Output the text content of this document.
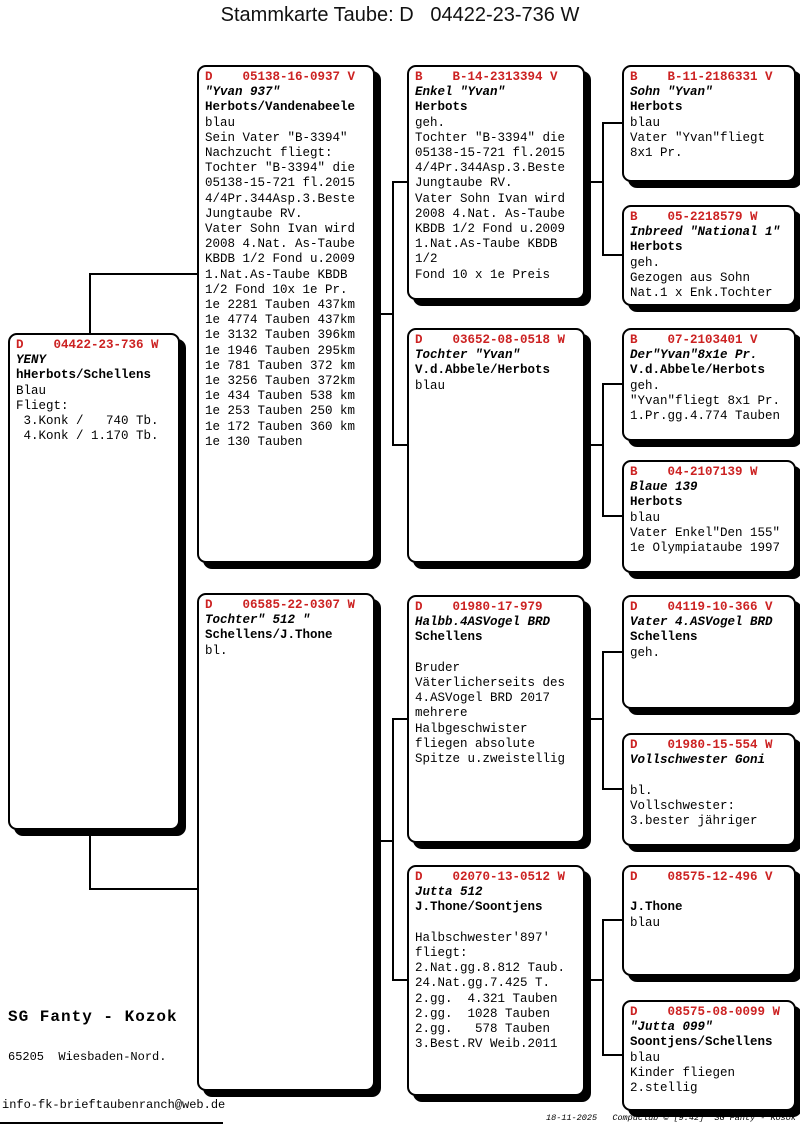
Stammkarte Taube: D   04422-23-736 W
D    04422-23-736 W
YENY
hHerbots/Schellens
Blau
Fliegt:
3.Konk /   740 Tb.
4.Konk / 1.170 Tb.
D    05138-16-0937 V
"Yvan 937"
Herbots/Vandenabeele
blau
Sein Vater "B-3394"
Nachzucht fliegt:
Tochter "B-3394" die
05138-15-721 fl.2015
4/4Pr.344Asp.3.Beste
Jungtaube RV.
Vater Sohn Ivan wird
2008 4.Nat. As-Taube
KBDB 1/2 Fond u.2009
1.Nat.As-Taube KBDB
1/2 Fond 10x 1e Pr.
1e 2281 Tauben 437km
1e 4774 Tauben 437km
1e 3132 Tauben 396km
1e 1946 Tauben 295km
1e 781 Tauben 372 km
1e 3256 Tauben 372km
1e 434 Tauben 538 km
1e 253 Tauben 250 km
1e 172 Tauben 360 km
1e 130 Tauben
D    06585-22-0307 W
Tochter" 512 "
Schellens/J.Thone
bl.
B    B-14-2313394 V
Enkel "Yvan"
Herbots
geh.
Tochter "B-3394" die
05138-15-721 fl.2015
4/4Pr.344Asp.3.Beste
Jungtaube RV.
Vater Sohn Ivan wird
2008 4.Nat. As-Taube
KBDB 1/2 Fond u.2009
1.Nat.As-Taube KBDB
1/2
Fond 10 x 1e Preis
D    03652-08-0518 W
Tochter "Yvan"
V.d.Abbele/Herbots
blau
D    01980-17-979
Halbb.4ASVogel BRD
Schellens

Bruder
Väterlicherseits des
4.ASVogel BRD 2017
mehrere
Halbgeschwister
fliegen absolute
Spitze u.zweistellig
D    02070-13-0512 W
Jutta 512
J.Thone/Soontjens

Halbschwester'897'
fliegt:
2.Nat.gg.8.812 Taub.
24.Nat.gg.7.425 T.
2.gg.  4.321 Tauben
2.gg.  1028 Tauben
2.gg.   578 Tauben
3.Best.RV Weib.2011
B    B-11-2186331 V
Sohn "Yvan"
Herbots
blau
Vater "Yvan"fliegt
8x1 Pr.
B    05-2218579 W
Inbreed "National 1"
Herbots
geh.
Gezogen aus Sohn
Nat.1 x Enk.Tochter
B    07-2103401 V
Der"Yvan"8x1e Pr.
V.d.Abbele/Herbots
geh.
"Yvan"fliegt 8x1 Pr.
1.Pr.gg.4.774 Tauben
B    04-2107139 W
Blaue 139
Herbots
blau
Vater Enkel"Den 155"
1e Olympiataube 1997
D    04119-10-366 V
Vater 4.ASVogel BRD
Schellens
geh.
D    01980-15-554 W
Vollschwester Goni

bl.
Vollschwester:
3.bester jähriger
D    08575-12-496 V

J.Thone
blau
D    08575-08-0099 W
"Jutta 099"
Soontjens/Schellens
blau
Kinder fliegen
2.stellig
SG Fanty - Kozok
65205  Wiesbaden-Nord.
info-fk-brieftaubenranch@web.de
18-11-2025   Compuclub © [9.42]  SG Fanty - Kosok
